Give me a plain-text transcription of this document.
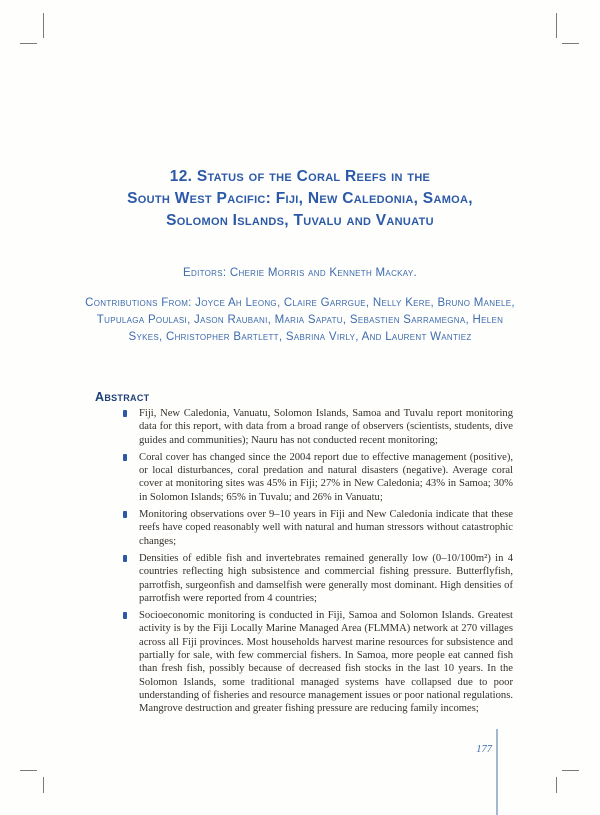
12. Status of the Coral Reefs in the
South West Pacific: Fiji, New Caledonia, Samoa,
Solomon Islands, Tuvalu and Vanuatu
Editors: Cherie Morris and Kenneth Mackay.
Contributions From: Joyce Ah Leong, Claire Garrgue, Nelly Kere, Bruno Manele,
Tupulaga Poulasi, Jason Raubani, Maria Sapatu, Sebastien Sarramegna, Helen
Sykes, Christopher Bartlett, Sabrina Virly, And Laurent Wantiez
Abstract
Fiji, New Caledonia, Vanuatu, Solomon Islands, Samoa and Tuvalu report monitoring data for this report, with data from a broad range of observers (scientists, students, dive guides and communities); Nauru has not conducted recent monitoring;
Coral cover has changed since the 2004 report due to effective management (positive), or local disturbances, coral predation and natural disasters (negative). Average coral cover at monitoring sites was 45% in Fiji; 27% in New Caledonia; 43% in Samoa; 30% in Solomon Islands; 65% in Tuvalu; and 26% in Vanuatu;
Monitoring observations over 9–10 years in Fiji and New Caledonia indicate that these reefs have coped reasonably well with natural and human stressors without catastrophic changes;
Densities of edible fish and invertebrates remained generally low (0–10/100m²) in 4 countries reflecting high subsistence and commercial fishing pressure. Butterflyfish, parrotfish, surgeonfish and damselfish were generally most dominant. High densities of parrotfish were reported from 4 countries;
Socioeconomic monitoring is conducted in Fiji, Samoa and Solomon Islands. Greatest activity is by the Fiji Locally Marine Managed Area (FLMMA) network at 270 villages across all Fiji provinces. Most households harvest marine resources for subsistence and partially for sale, with few commercial fishers. In Samoa, more people eat canned fish than fresh fish, possibly because of decreased fish stocks in the last 10 years. In the Solomon Islands, some traditional managed systems have collapsed due to poor understanding of fisheries and resource management issues or poor national regulations. Mangrove destruction and greater fishing pressure are reducing family incomes;
177
